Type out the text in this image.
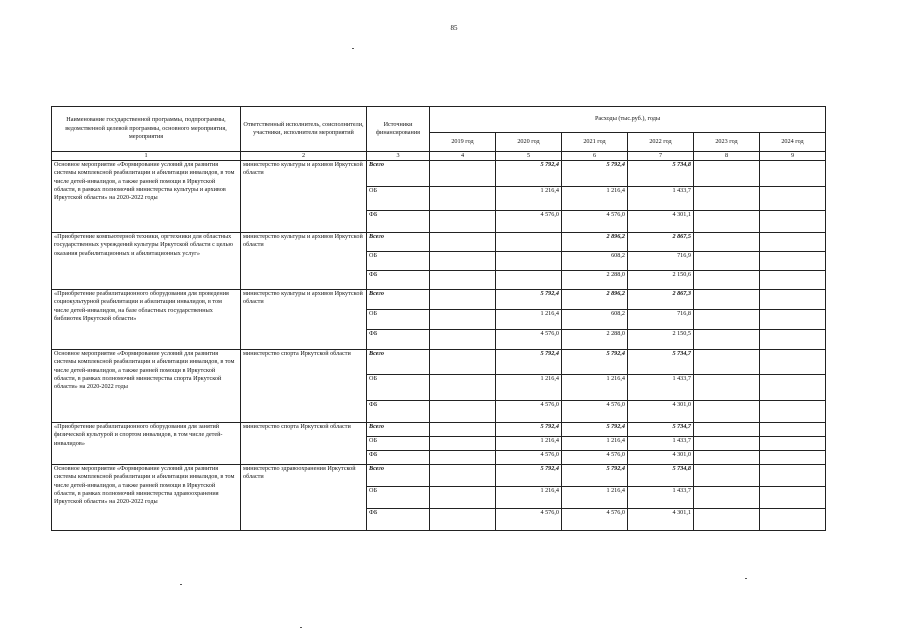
85
Наименование государственной программы, подпрограммы, ведомственной целевой программы, основного мероприятия, мероприятия	Ответственный исполнитель, соисполнители, участники, исполнители мероприятий	Источники финансирования	Расходы (тыс.руб.), годы					
			2019 год	2020 год	2021 год	2022 год	2023 год	2024 год
1	2	3	4	5	6	7	8	9
Основное мероприятие «Формирование условий для развития системы комплексной реабилитации и абилитации инвалидов, в том числе детей-инвалидов, а также ранней помощи в Иркутской области, в рамках полномочий министерства культуры и архивов Иркутской области» на 2020-2022 годы	министерство культуры и архивов Иркутской области	Всего		5 792,4	5 792,4	5 734,8		
		ОБ		1 216,4	1 216,4	1 433,7		
		ФБ		4 576,0	4 576,0	4 301,1		
«Приобретение компьютерной техники, оргтехники для областных государственных учреждений культуры Иркутской области с целью оказания реабилитационных и абилитационных услуг»	министерство культуры и архивов Иркутской области	Всего			2 896,2	2 867,5		
		ОБ			608,2	716,9		
		ФБ			2 288,0	2 150,6		
«Приобретение реабилитационного оборудования для проведения социокультурной реабилитации и абилитации инвалидов, в том числе детей-инвалидов, на базе областных государственных библиотек Иркутской области»	министерство культуры и архивов Иркутской области	Всего		5 792,4	2 896,2	2 867,3		
		ОБ		1 216,4	608,2	716,8		
		ФБ		4 576,0	2 288,0	2 150,5		
Основное мероприятие «Формирование условий для развития системы комплексной реабилитации и абилитации инвалидов, в том числе детей-инвалидов, а также ранней помощи в Иркутской области, в рамках полномочий министерства спорта Иркутской области» на 2020-2022 годы	министерство спорта Иркутской области	Всего		5 792,4	5 792,4	5 734,7		
		ОБ		1 216,4	1 216,4	1 433,7		
		ФБ		4 576,0	4 576,0	4 301,0		
«Приобретение реабилитационного оборудования для занятий физической культурой и спортом инвалидов, в том числе детей-инвалидов»	министерство спорта Иркутской области	Всего		5 792,4	5 792,4	5 734,7		
		ОБ		1 216,4	1 216,4	1 433,7		
		ФБ		4 576,0	4 576,0	4 301,0		
Основное мероприятие «Формирование условий для развития системы комплексной реабилитации и абилитации инвалидов, в том числе детей-инвалидов, а также ранней помощи в Иркутской области, в рамках полномочий министерства здравоохранения Иркутской области» на 2020-2022 годы	министерство здравоохранения Иркутской области	Всего		5 792,4	5 792,4	5 734,8		
		ОБ		1 216,4	1 216,4	1 433,7		
		ФБ		4 576,0	4 576,0	4 301,1		
